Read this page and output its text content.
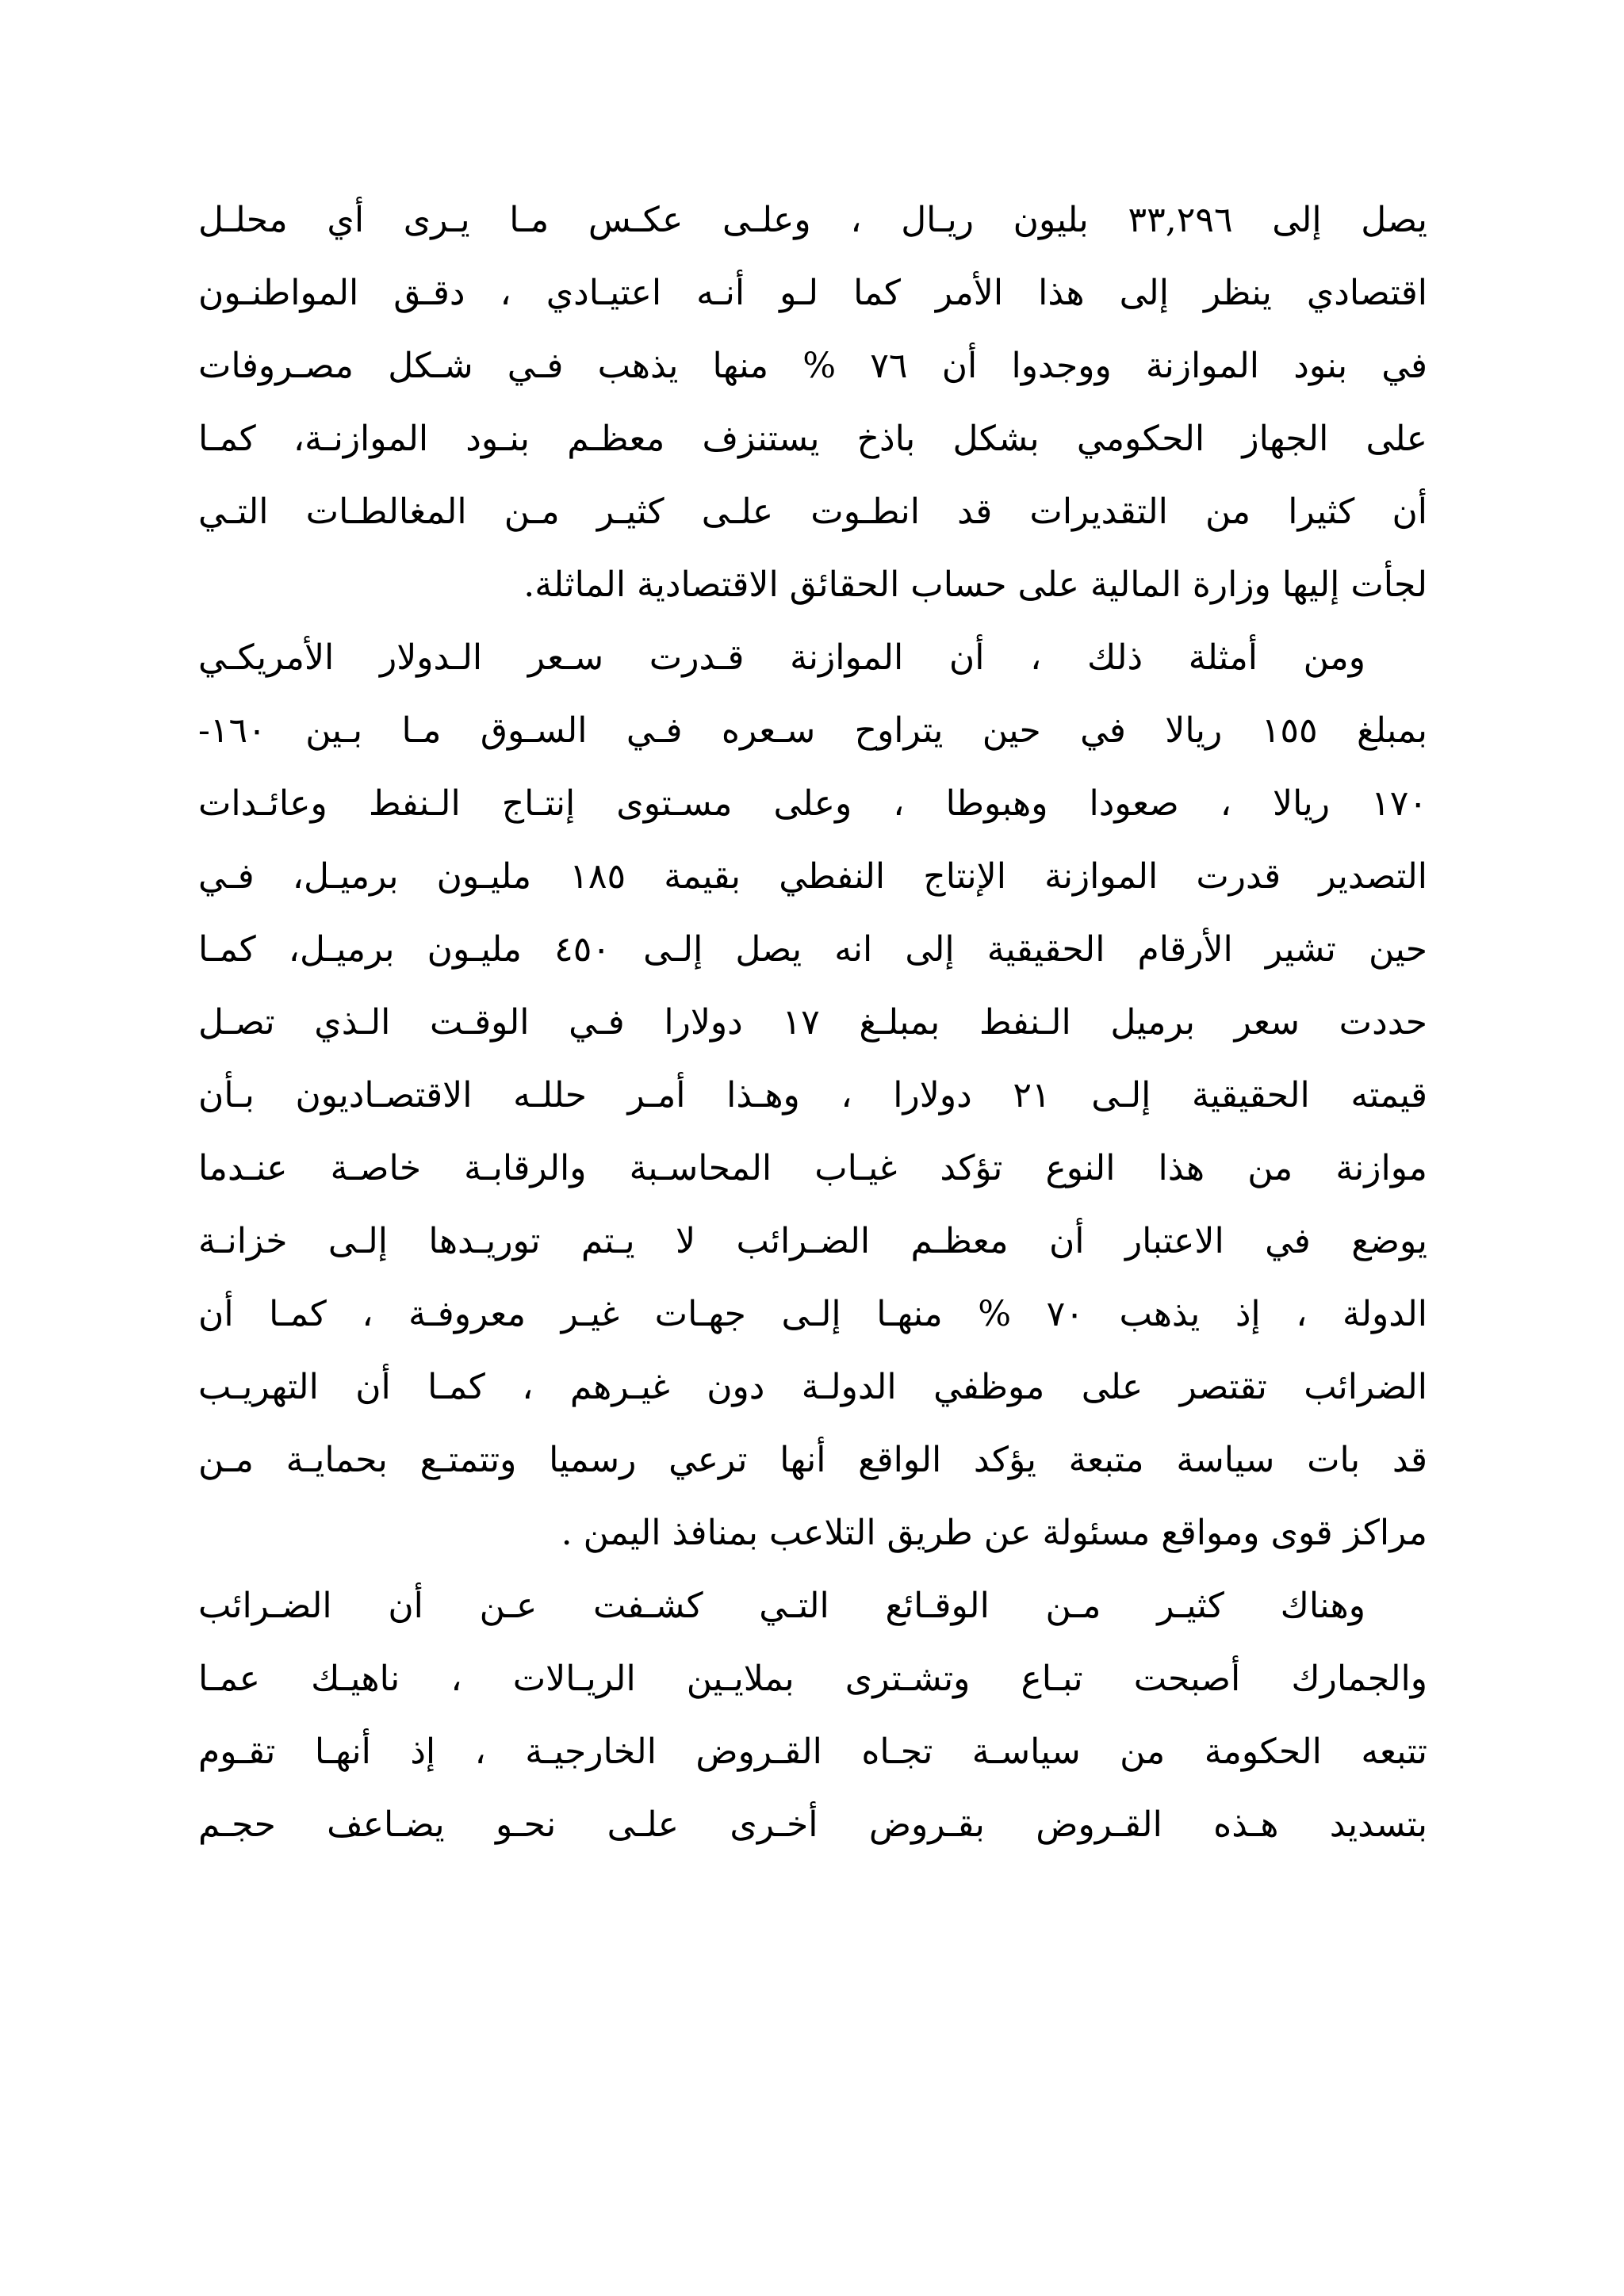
يصل إلى ٣٣,٢٩٦ بليون ريـال ، وعلـى عكـس مـا يـرى أي محلـل
اقتصادي ينظر إلى هذا الأمر كما لـو أنـه اعتيـادي ، دقـق المواطنـون
في بنود الموازنة ووجدوا أن ٧٦ % منها يذهب فـي شـكل مصـروفات
على الجهاز الحكومي بشكل باذخ يستنزف معظـم بنـود الموازنـة، كمـا
أن كثيرا من التقديرات قد انطـوت علـى كثيـر مـن المغالطـات التـي
لجأت إليها وزارة المالية على حساب الحقائق الاقتصادية الماثلة.
ومن أمثلة ذلك ، أن الموازنة قـدرت سـعر الـدولار الأمريكـي
بمبلغ ١٥٥ ريالا في حين يتراوح سـعره فـي السـوق مـا بـين ١٦٠-
١٧٠ ريالا ، صعودا وهبوطا ، وعلى مسـتوى إنتـاج الـنفط وعائـدات
التصدير قدرت الموازنة الإنتاج النفطي بقيمة ١٨٥ مليـون برميـل، فـي
حين تشير الأرقام الحقيقية إلى انه يصل إلـى ٤٥٠ مليـون برميـل، كمـا
حددت سعر برميل الـنفط بمبلـغ ١٧ دولارا فـي الوقـت الـذي تصـل
قيمته الحقيقية إلـى ٢١ دولارا ، وهـذا أمـر حللـه الاقتصـاديون بـأن
موازنة من هذا النوع تؤكد غيـاب المحاسـبة والرقابـة خاصـة عنـدما
يوضع في الاعتبار أن معظـم الضـرائب لا يـتم توريـدها إلـى خزانـة
الدولة ، إذ يذهب ٧٠ % منهـا إلـى جهـات غيـر معروفـة ، كمـا أن
الضرائب تقتصر على موظفي الدولـة دون غيـرهم ، كمـا أن التهريـب
قد بات سياسة متبعة يؤكد الواقع أنها ترعي رسميا وتتمتـع بحمايـة مـن
مراكز قوى ومواقع مسئولة عن طريق التلاعب بمنافذ اليمن .
وهناك كثيـر مـن الوقـائع التـي كشـفت عـن أن الضـرائب
والجمارك أصبحت تبـاع وتشـترى بملايـين الريـالات ، ناهيـك عمـا
تتبعه الحكومة من سياسـة تجـاه القـروض الخارجيـة ، إذ أنهـا تقـوم
بتسديد هـذه القـروض بقـروض أخـرى علـى نحـو يضـاعف حجـم
